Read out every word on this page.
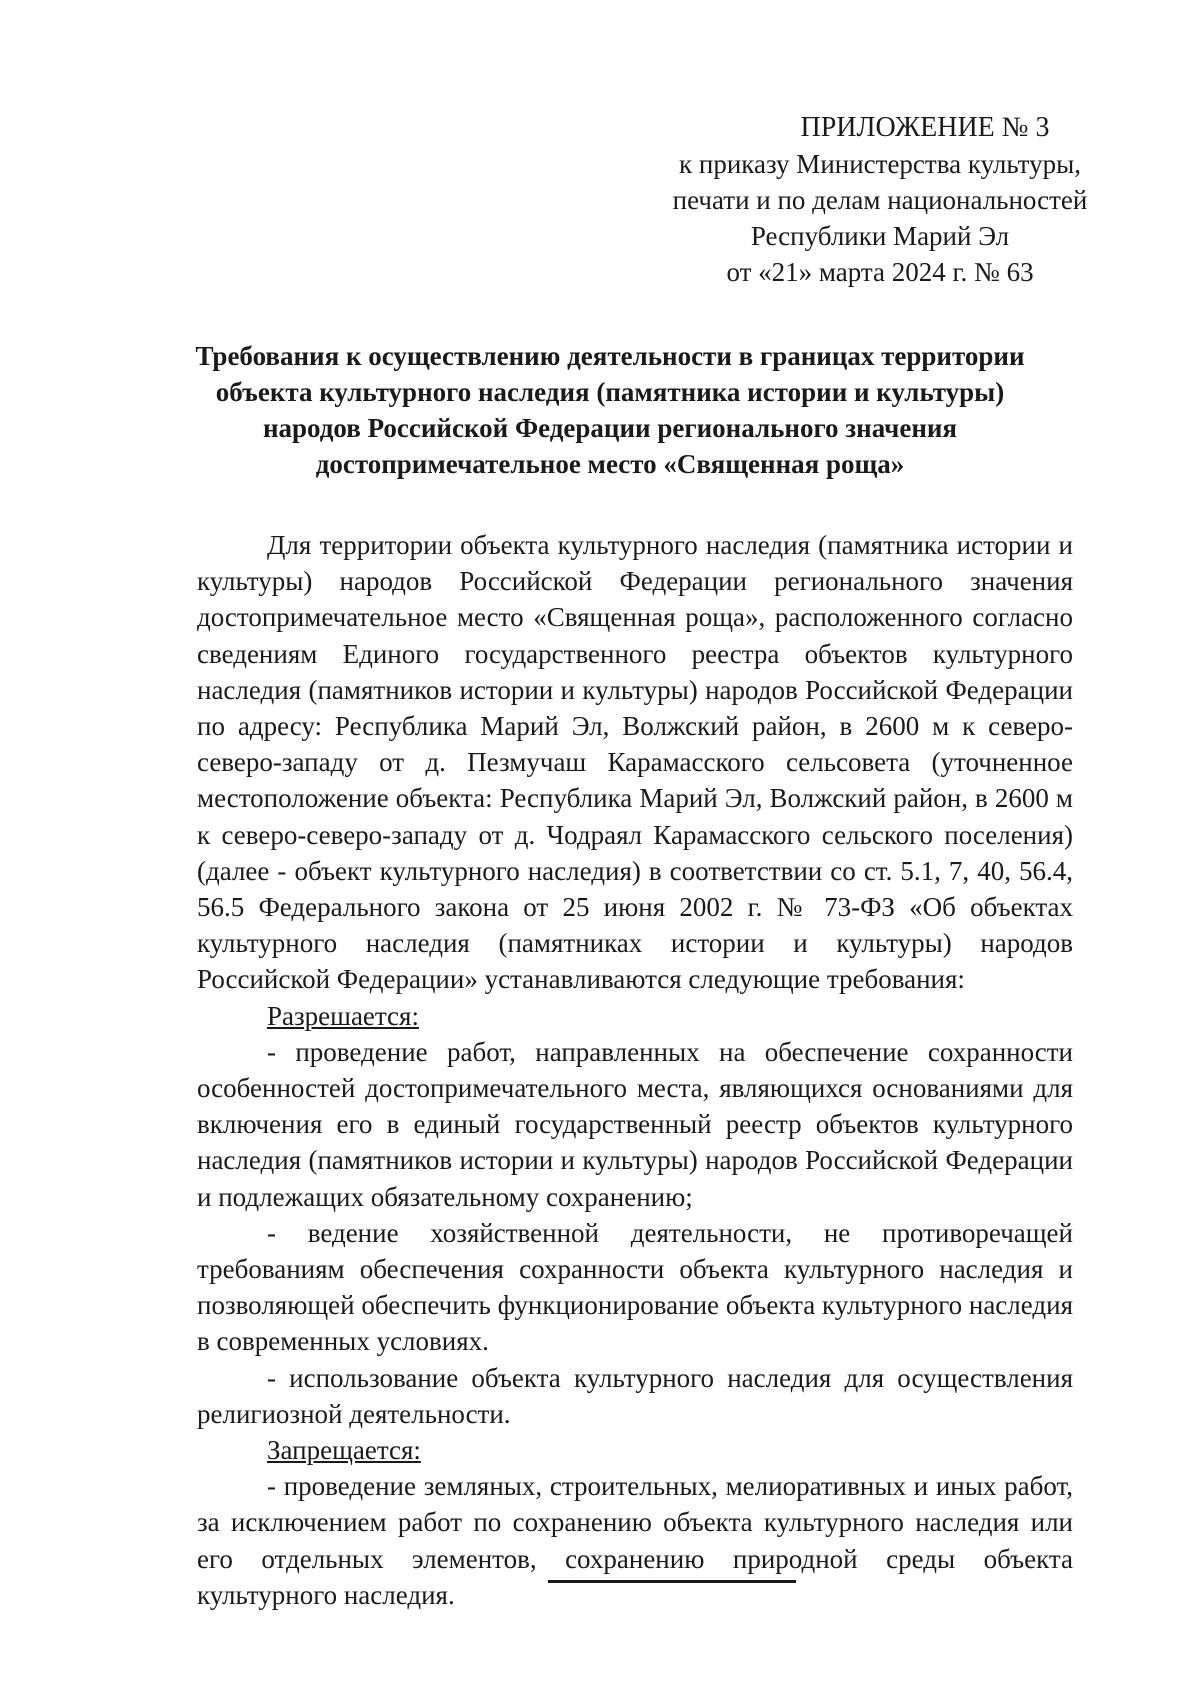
ПРИЛОЖЕНИЕ № 3
к приказу Министерства культуры,
печати и по делам национальностей
Республики Марий Эл
от «21» марта 2024 г. № 63
Требования к осуществлению деятельности в границах территории
объекта культурного наследия (памятника истории и культуры)
народов Российской Федерации регионального значения
достопримечательное место «Священная роща»

Для территории объекта культурного наследия (памятника истории и культуры) народов Российской Федерации регионального значения достопримечательное место «Священная роща», расположенного согласно сведениям Единого государственного реестра объектов культурного наследия (памятников истории и культуры) народов Российской Федерации по адресу: Республика Марий Эл, Волжский район, в 2600 м к северо-северо-западу от д. Пезмучаш Карамасского сельсовета (уточненное местоположение объекта: Республика Марий Эл, Волжский район, в 2600 м к северо-северо-западу от д. Чодраял Карамасского сельского поселения) (далее - объект культурного наследия) в соответствии со ст. 5.1, 7, 40, 56.4, 56.5 Федерального закона от 25 июня 2002 г. № 73-ФЗ «Об объектах культурного наследия (памятниках истории и культуры) народов Российской Федерации» устанавливаются следующие требования:

Разрешается:

- проведение работ, направленных на обеспечение сохранности особенностей достопримечательного места, являющихся основаниями для включения его в единый государственный реестр объектов культурного наследия (памятников истории и культуры) народов Российской Федерации и подлежащих обязательному сохранению;

- ведение хозяйственной деятельности, не противоречащей требованиям обеспечения сохранности объекта культурного наследия и позволяющей обеспечить функционирование объекта культурного наследия в современных условиях.

- использование объекта культурного наследия для осуществления религиозной деятельности.

Запрещается:

- проведение земляных, строительных, мелиоративных и иных работ, за исключением работ по сохранению объекта культурного наследия или его отдельных элементов, сохранению природной среды объекта культурного наследия.
